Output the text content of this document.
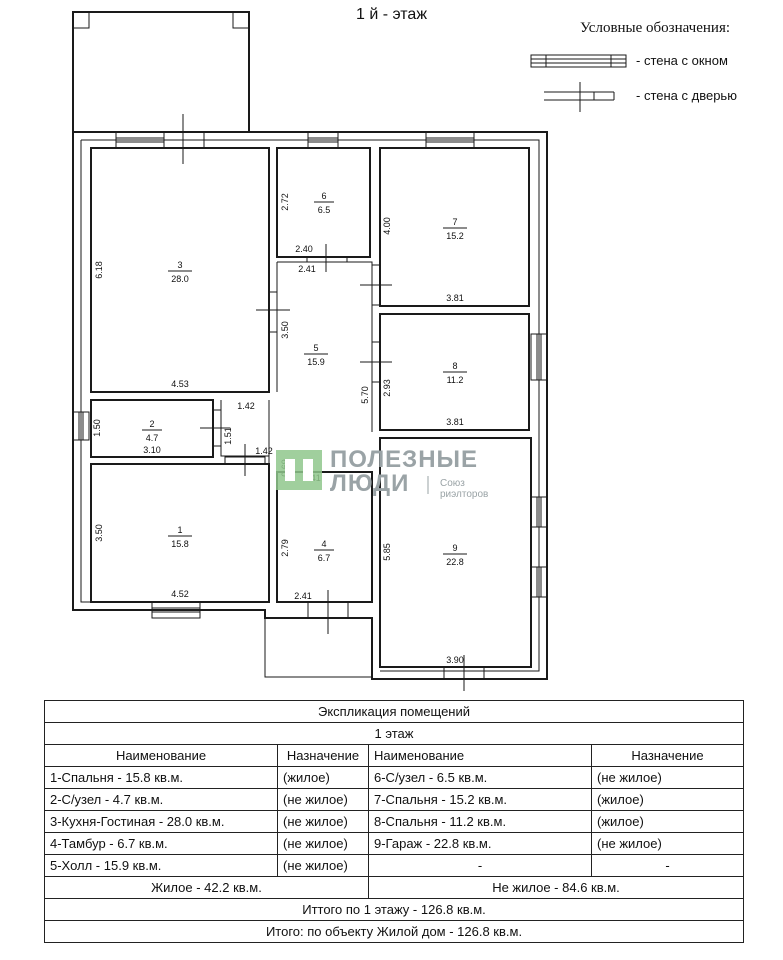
1 й - этаж
Условные обозначения:
- стена с окном
- стена с дверью
3
28.0
6
6.5
7
15.2
5
15.9	8
11.2
2
4.7
1
15.8	4
6.7
9
22.8
6.18
4.53
2.72
2.40
2.41
4.00
3.81
3.50
5.70 2.93
3.81
1.42
1.50	1.51
3.10	1.42
3.50
2.79	5.85
4.52	2.41
3.90
ПОЛЕЗНЫЕ
ЛЮДИ	Союз
риэлторов
Экспликация помещений			
1 этаж			
Наименование	Назначение	Наименование	Назначение
1-Спальня - 15.8 кв.м.	(жилое)	6-С/узел - 6.5 кв.м.	(не жилое)
2-С/узел - 4.7 кв.м.	(не жилое)	7-Спальня - 15.2 кв.м.	(жилое)
3-Кухня-Гостиная - 28.0 кв.м.	(не жилое)	8-Спальня - 11.2 кв.м.	(жилое)
4-Тамбур - 6.7 кв.м.	(не жилое)	9-Гараж - 22.8 кв.м.	(не жилое)
5-Холл - 15.9 кв.м.	(не жилое)	-	-
Жилое - 42.2 кв.м.		Не жилое - 84.6 кв.м.	
Иттого по 1 этажу - 126.8 кв.м.			
Итого: по объекту Жилой дом - 126.8 кв.м.			
